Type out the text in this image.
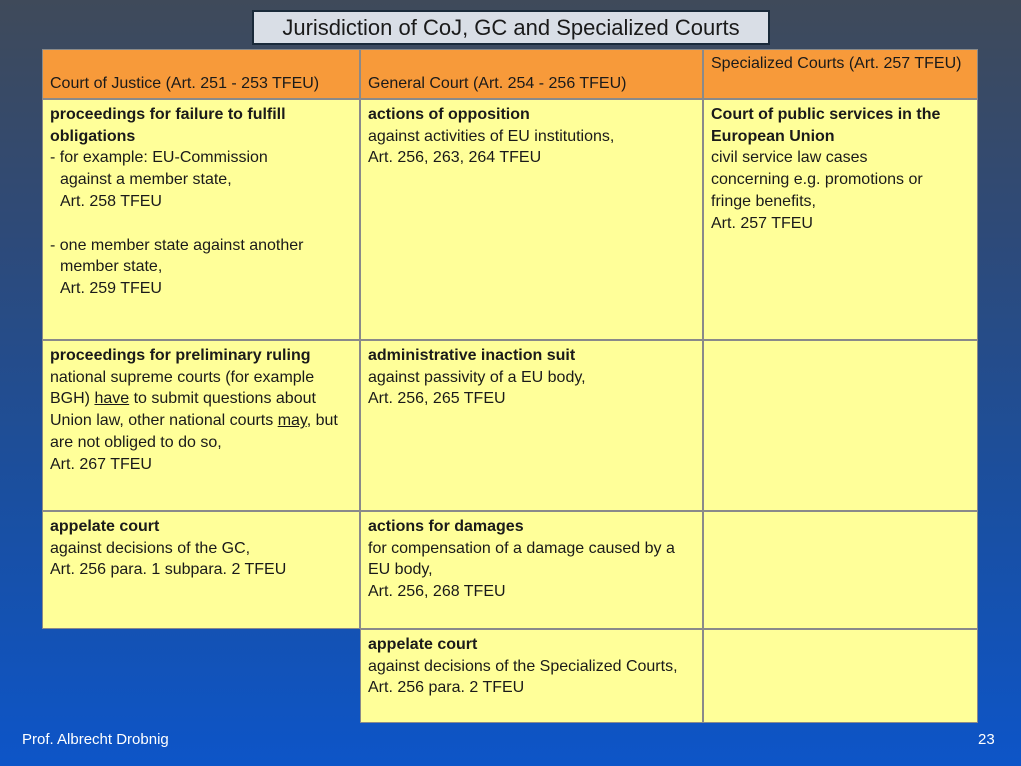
Jurisdiction of CoJ, GC and Specialized Courts
Court of Justice (Art. 251 - 253 TFEU)	General Court (Art. 254 - 256 TFEU)
Specialized Courts (Art. 257 TFEU)
proceedings for failure to fulfill obligations
- for example: EU-Commission
against a member state,
Art. 258 TFEU
- one member state against another
member state,
Art. 259 TFEU
actions of opposition
against activities of EU institutions,
Art. 256, 263, 264 TFEU
Court of public services in the European Union
civil service law cases
concerning e.g. promotions or
fringe benefits,
Art. 257 TFEU
proceedings for preliminary ruling
national supreme courts (for example BGH) have to submit questions about Union law, other national courts may, but are not obliged to do so,
Art. 267 TFEU
administrative inaction suit
against passivity of a EU body,
Art. 256, 265 TFEU
appelate court
against decisions of the GC,
Art. 256 para. 1 subpara. 2 TFEU
actions for damages
for compensation of a damage caused by a EU body,
Art. 256, 268 TFEU
appelate court
against decisions of the Specialized Courts,
Art. 256 para. 2 TFEU
Prof. Albrecht Drobnig	23
